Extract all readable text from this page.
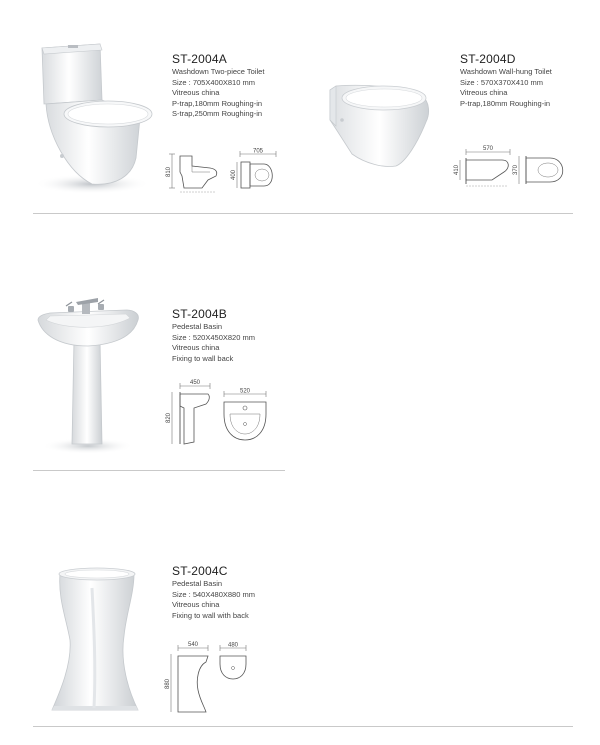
ST-2004A
Washdown Two-piece Toilet
Size : 705X400X810 mm
Vitreous china
P-trap,180mm Roughing-in
S-trap,250mm Roughing-in
810
705
400
ST-2004D
Washdown Wall-hung Toilet
Size : 570X370X410 mm
Vitreous china
P-trap,180mm Roughing-in
570
410	370
ST-2004B
Pedestal Basin
Size : 520X450X820 mm
Vitreous china
Fixing to wall back
450
820
520
ST-2004C
Pedestal Basin
Size : 540X480X880 mm
Vitreous china
Fixing to wall with back
540
880
480
